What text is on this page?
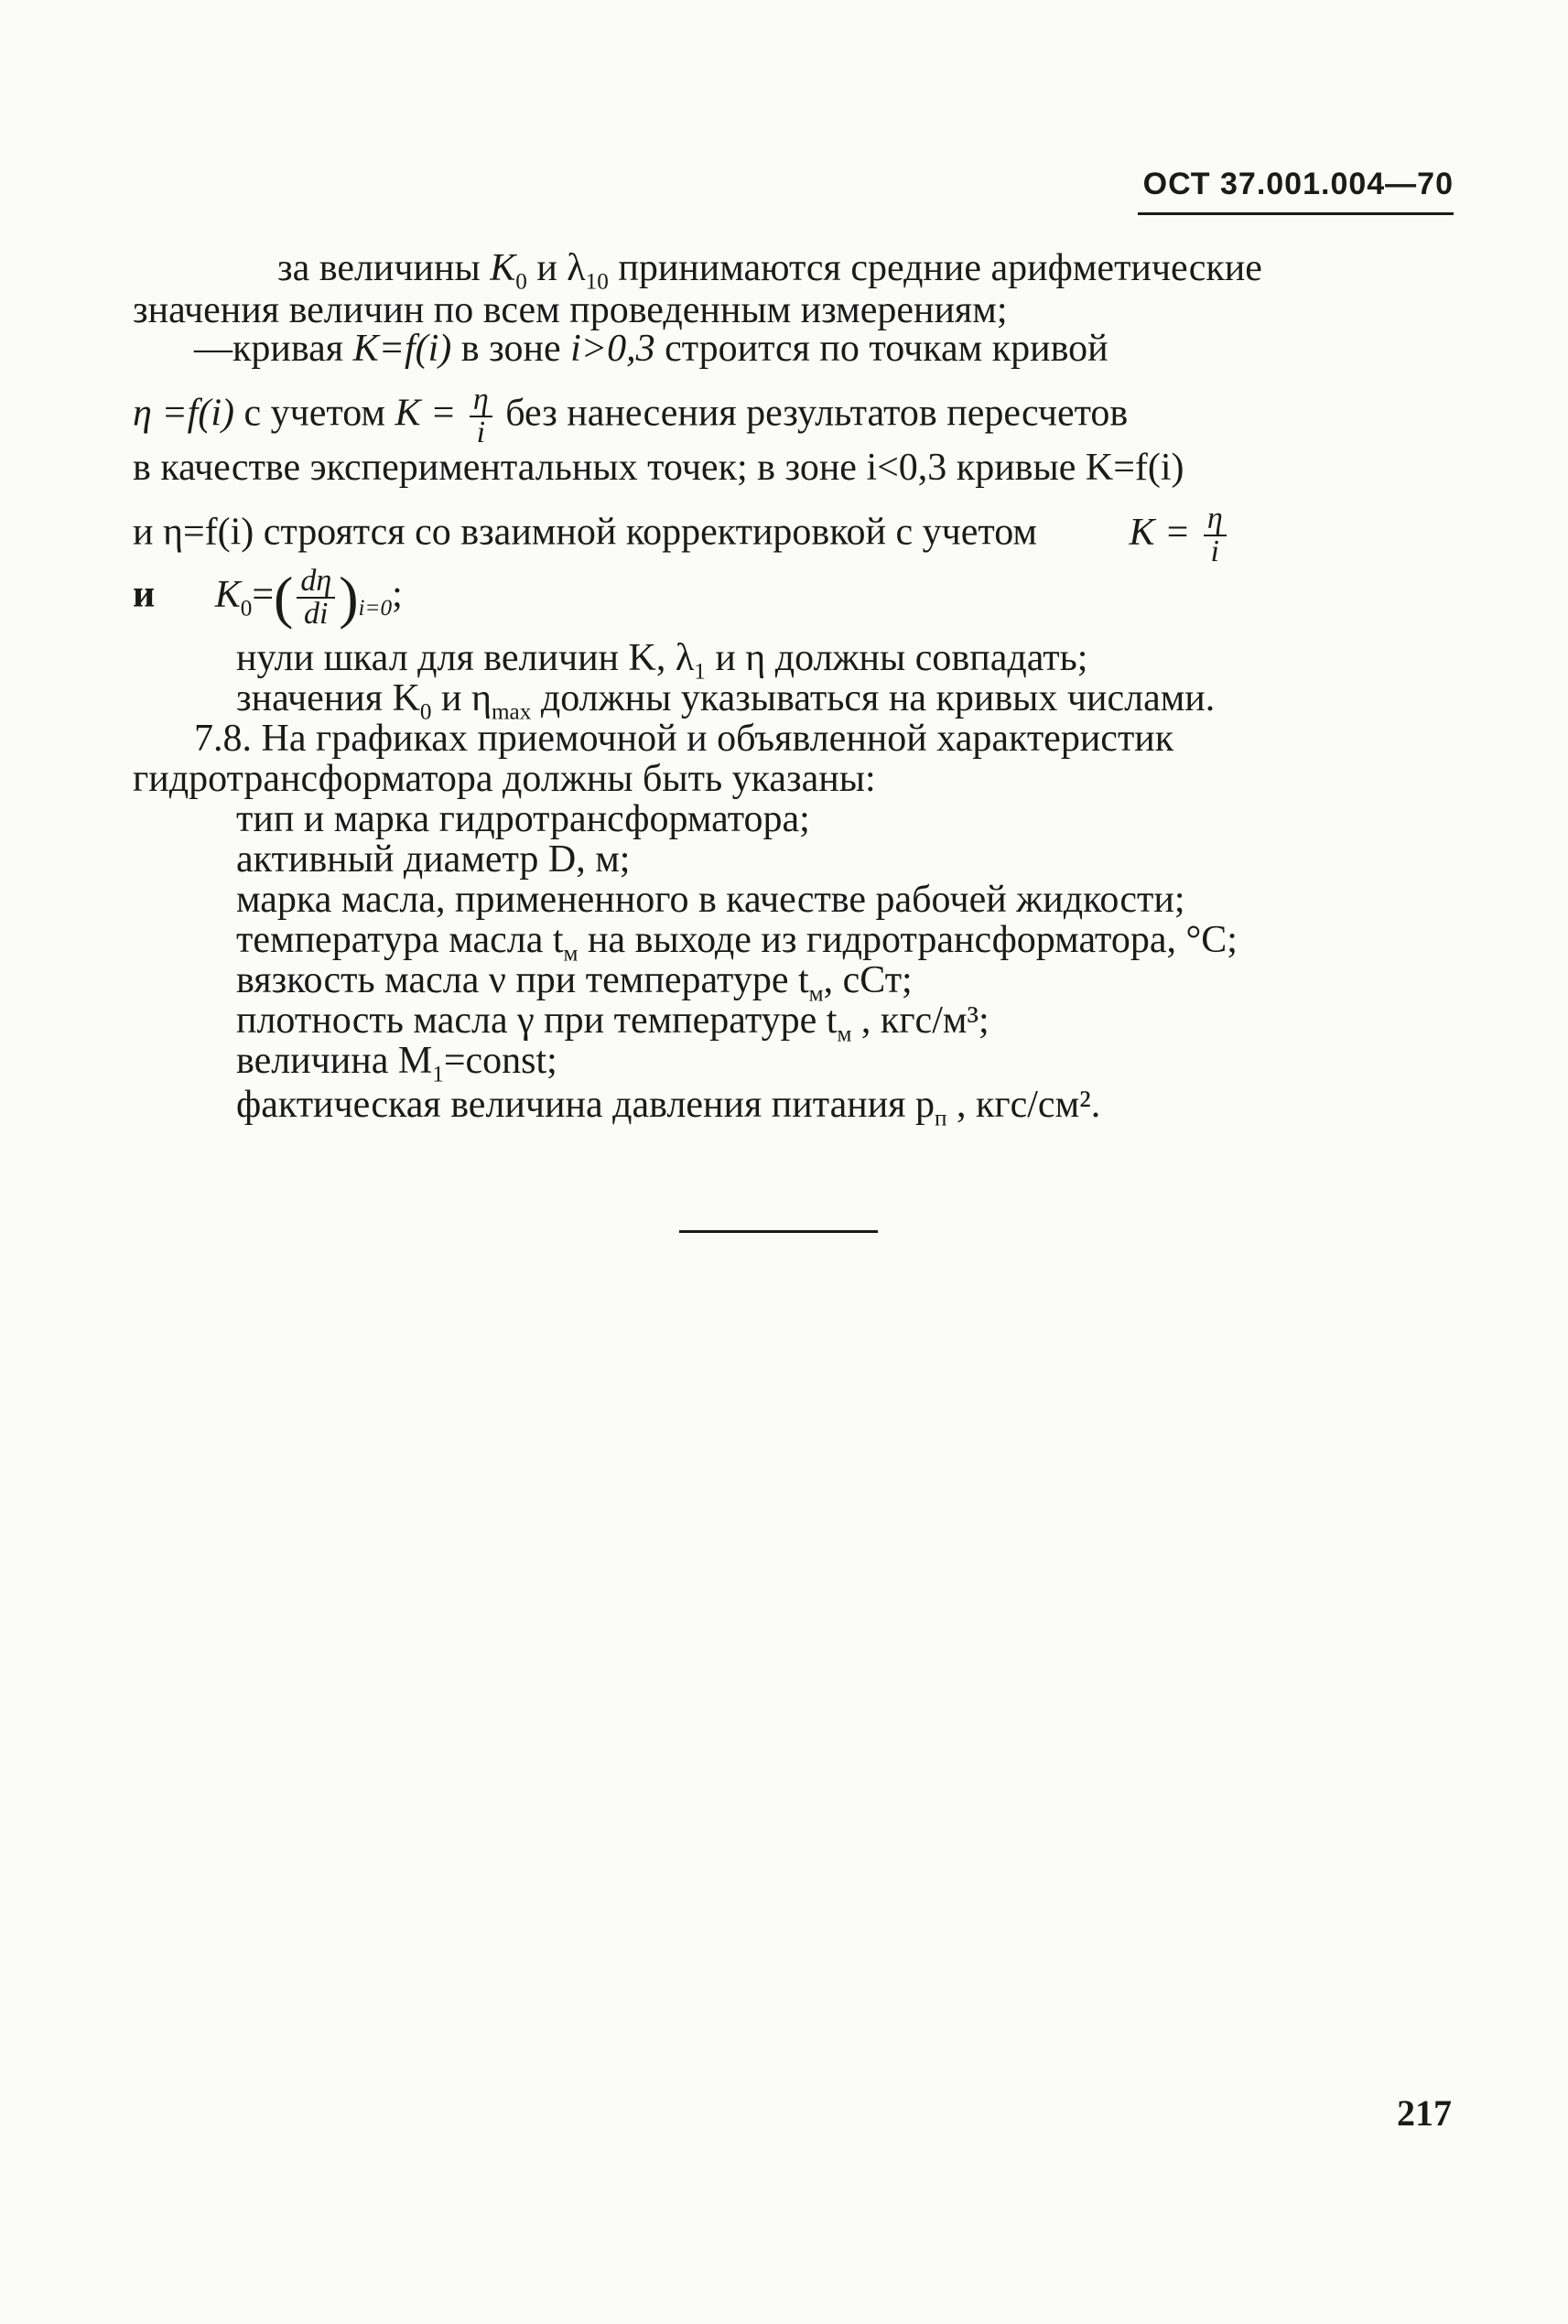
ОСТ 37.001.004—70
за величины $K_0$ и $\lambda_{10}$ принимаются средние арифметические
значения величин по всем проведенным измерениям;
—кривая K=f(i) в зоне i>0,3 строится по точкам кривой
η =f(i) с учетом $K = \frac{\eta}{i}$ без нанесения результатов пересчетов
в качестве экспериментальных точек; в зоне i<0,3 кривые K=f(i)
и η=f(i) строятся со взаимной корректировкой с учетом $K = \frac{\eta}{i}$
и $K_0=( \frac{d\eta}{di} )_{i=0}$;
нули шкал для величин K, $\lambda_1$ и η должны совпадать;
значения $K_0$ и $\eta_{max}$ должны указываться на кривых числами.
7.8. На графиках приемочной и объявленной характеристик
гидротрансформатора должны быть указаны:
тип и марка гидротрансформатора;
активный диаметр D, м;
марка масла, примененного в качестве рабочей жидкости;
температура масла $t_м$ на выходе из гидротрансформатора, °С;
вязкость масла ν при температуре $t_м$, сСт;
плотность масла γ при температуре $t_м$ , кгс/м³;
величина $M_1=const$;
фактическая величина давления питания $p_п$ , кгс/см².
217
